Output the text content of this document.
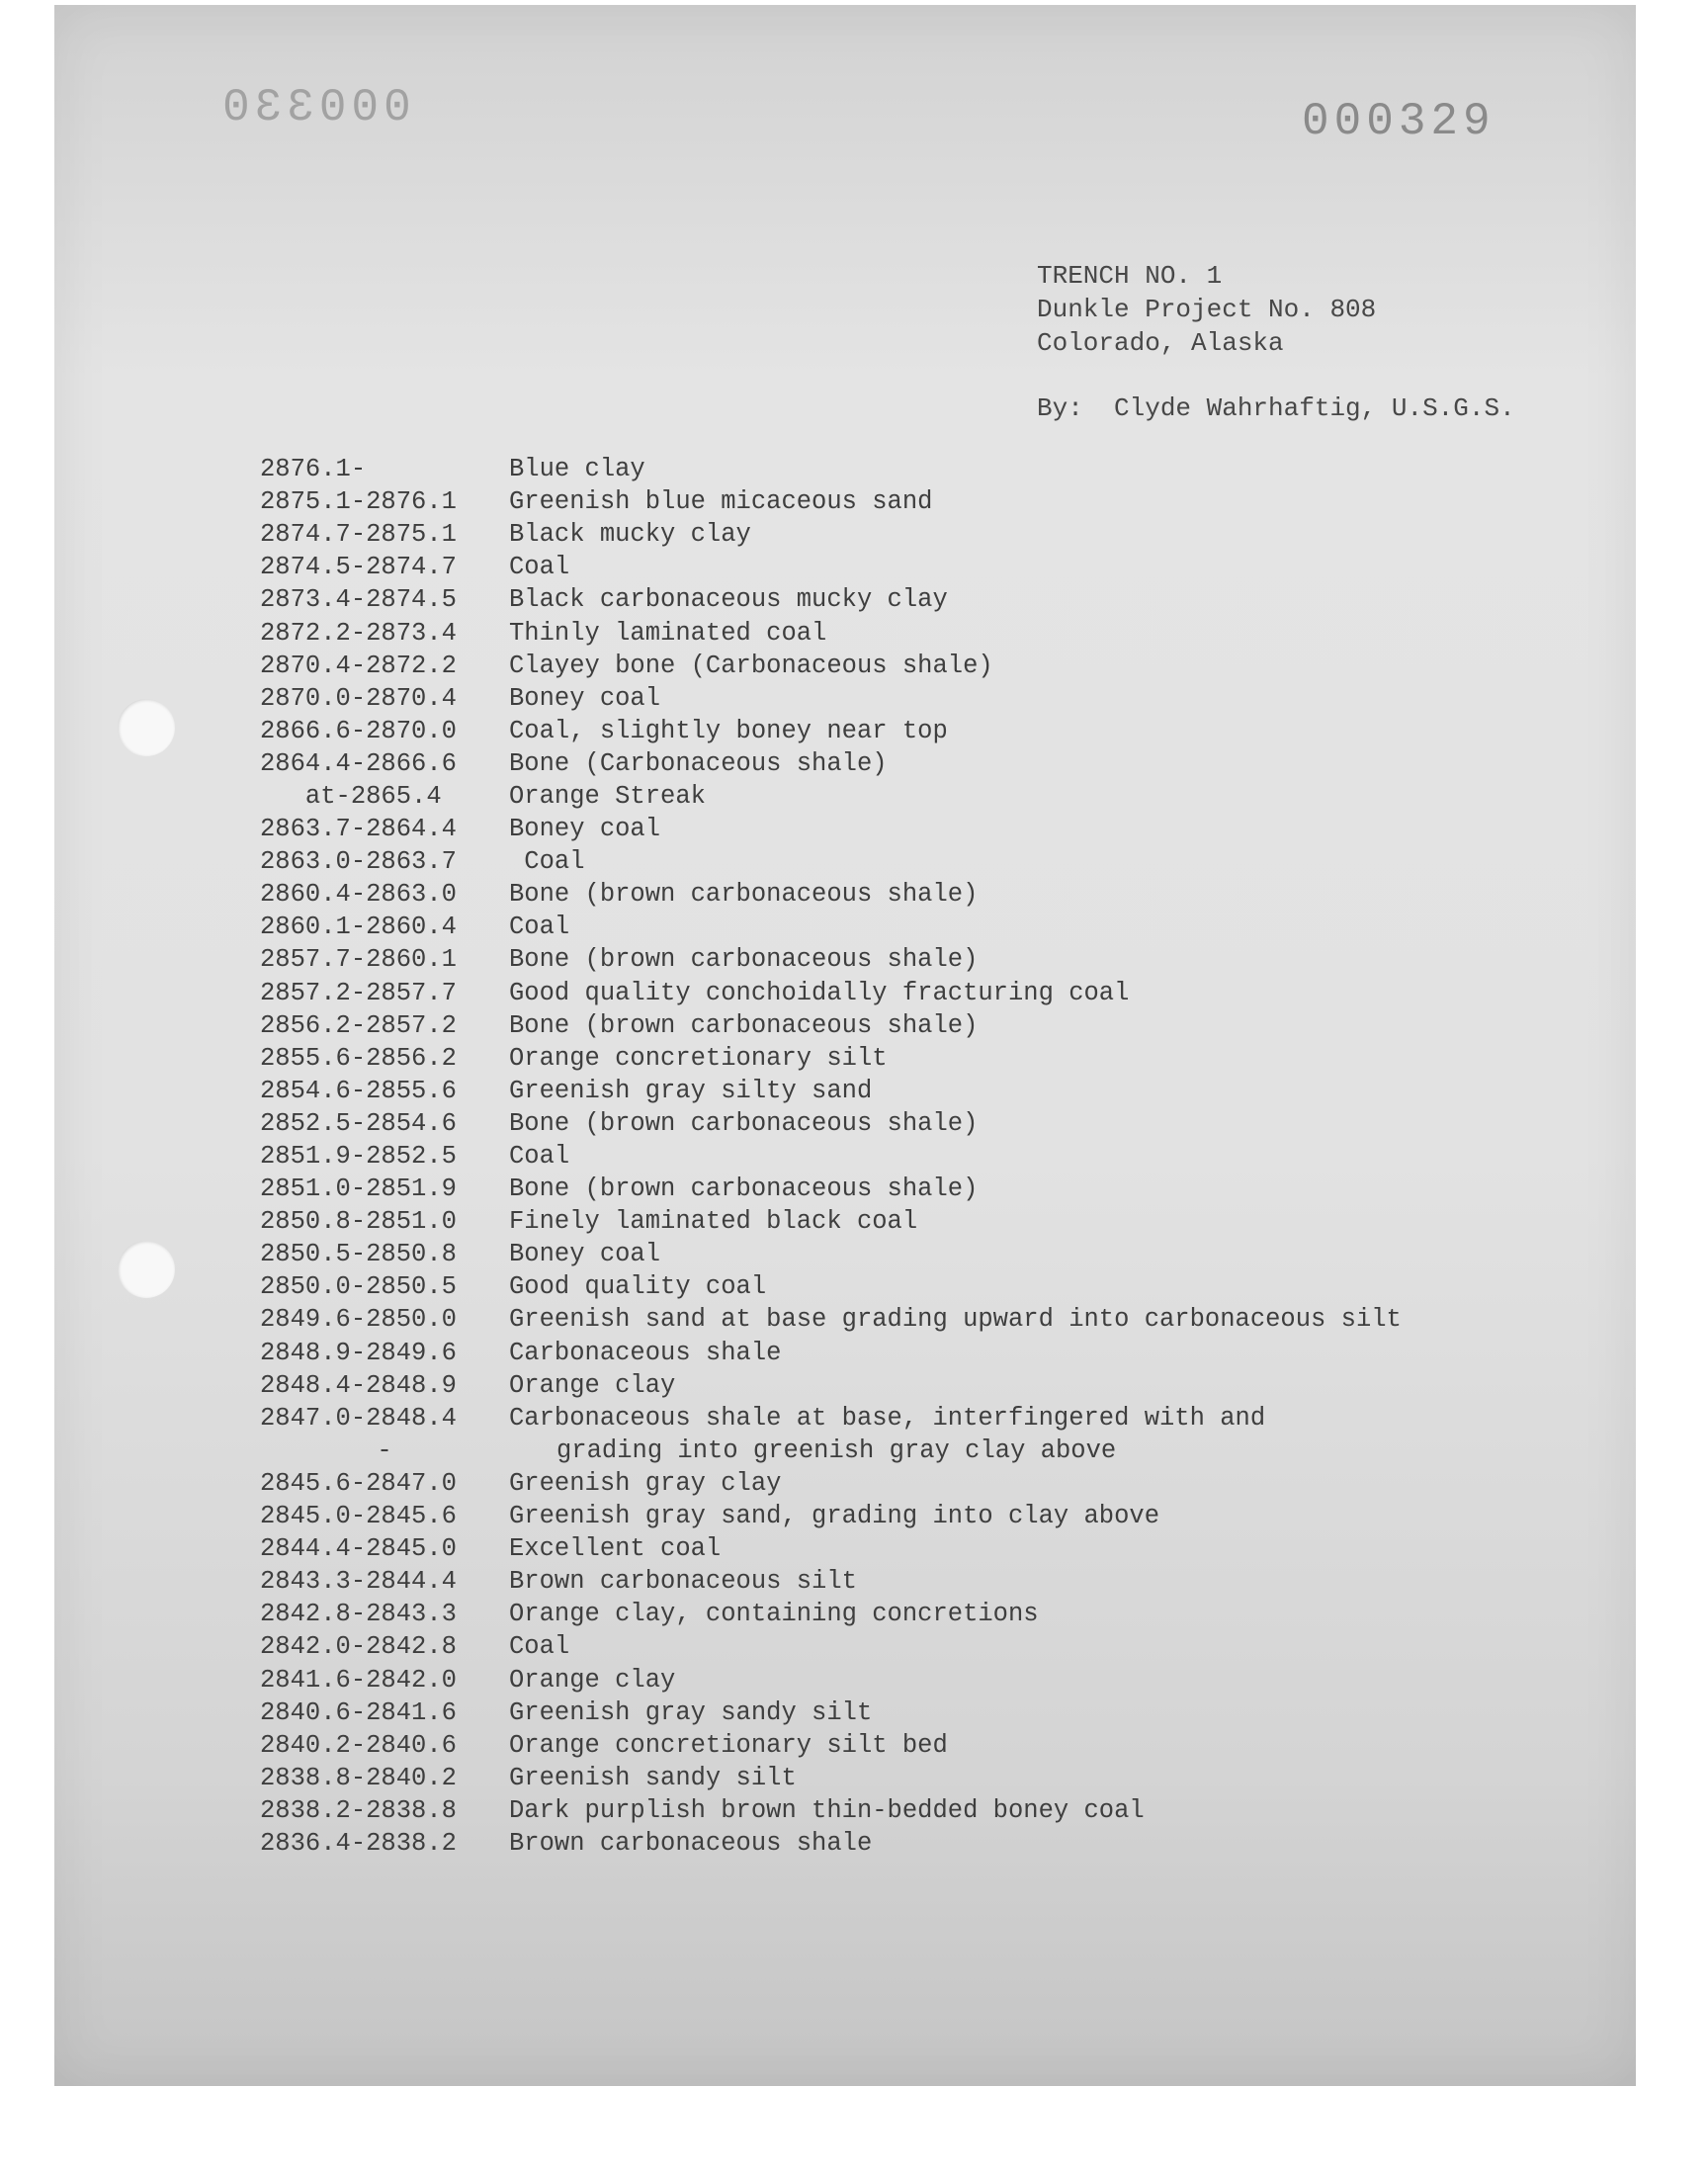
000330	000329
TRENCH NO. 1
Dunkle Project No. 808
Colorado, Alaska
By:  Clyde Wahrhaftig, U.S.G.S.
2876.1-	Blue clay
2875.1-2876.1	Greenish blue micaceous sand
2874.7-2875.1	Black mucky clay
2874.5-2874.7	Coal
2873.4-2874.5	Black carbonaceous mucky clay
2872.2-2873.4	Thinly laminated coal
2870.4-2872.2	Clayey bone (Carbonaceous shale)
2870.0-2870.4	Boney coal
2866.6-2870.0	Coal, slightly boney near top
2864.4-2866.6	Bone (Carbonaceous shale)
at-2865.4	Orange Streak
2863.7-2864.4	Boney coal
2863.0-2863.7	Coal
2860.4-2863.0	Bone (brown carbonaceous shale)
2860.1-2860.4	Coal
2857.7-2860.1	Bone (brown carbonaceous shale)
2857.2-2857.7	Good quality conchoidally fracturing coal
2856.2-2857.2	Bone (brown carbonaceous shale)
2855.6-2856.2	Orange concretionary silt
2854.6-2855.6	Greenish gray silty sand
2852.5-2854.6	Bone (brown carbonaceous shale)
2851.9-2852.5	Coal
2851.0-2851.9	Bone (brown carbonaceous shale)
2850.8-2851.0	Finely laminated black coal
2850.5-2850.8	Boney coal
2850.0-2850.5	Good quality coal
2849.6-2850.0	Greenish sand at base grading upward into carbonaceous silt
2848.9-2849.6	Carbonaceous shale
2848.4-2848.9	Orange clay
2847.0-2848.4	Carbonaceous shale at base, interfingered with and
-	grading into greenish gray clay above
2845.6-2847.0	Greenish gray clay
2845.0-2845.6	Greenish gray sand, grading into clay above
2844.4-2845.0	Excellent coal
2843.3-2844.4	Brown carbonaceous silt
2842.8-2843.3	Orange clay, containing concretions
2842.0-2842.8	Coal
2841.6-2842.0	Orange clay
2840.6-2841.6	Greenish gray sandy silt
2840.2-2840.6	Orange concretionary silt bed
2838.8-2840.2	Greenish sandy silt
2838.2-2838.8	Dark purplish brown thin-bedded boney coal
2836.4-2838.2	Brown carbonaceous shale
